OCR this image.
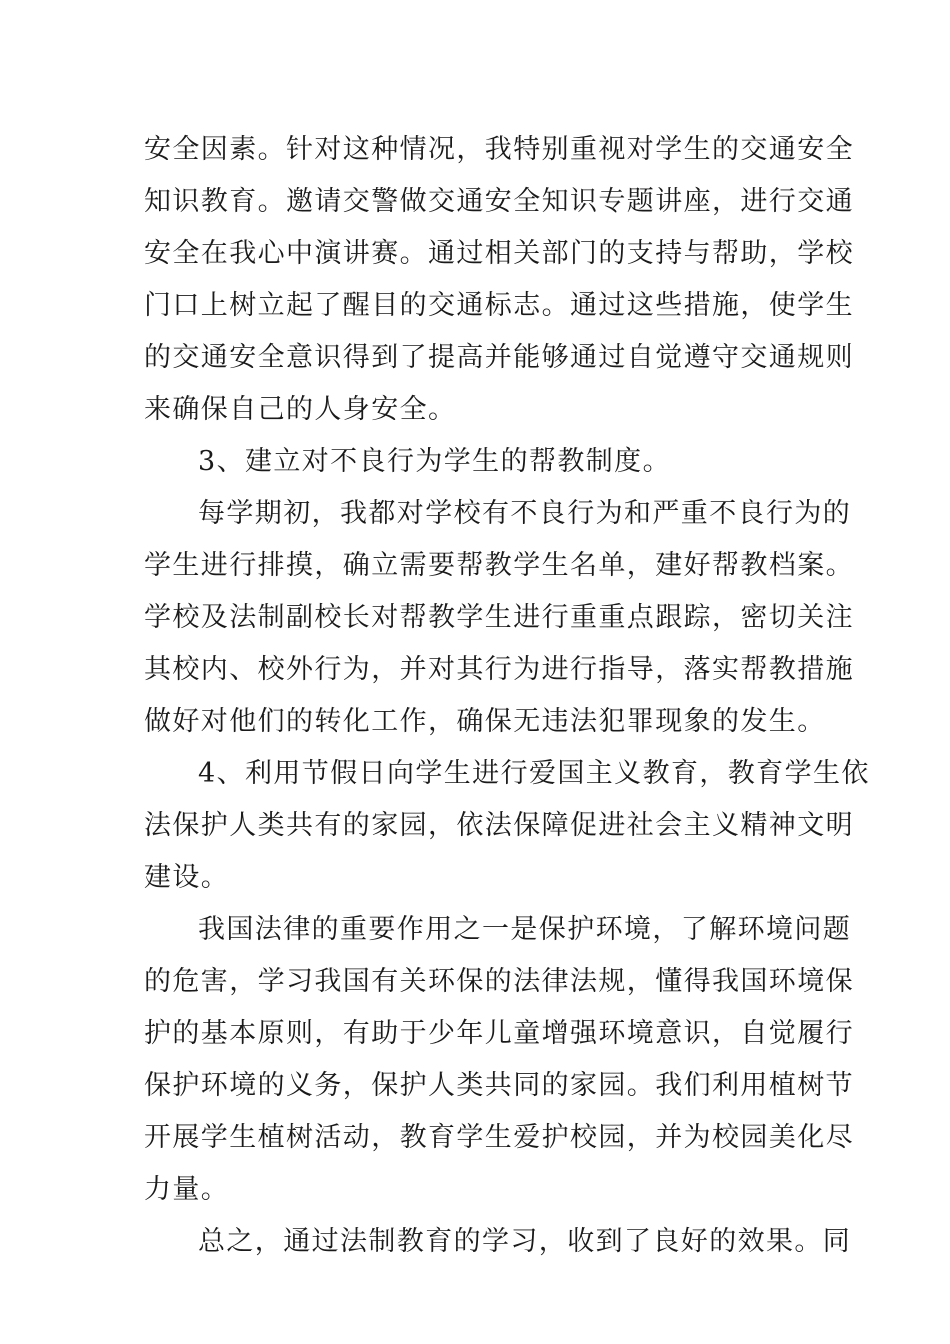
安全因素。针对这种情况，我特别重视对学生的交通安全
知识教育。邀请交警做交通安全知识专题讲座，进行交通
安全在我心中演讲赛。通过相关部门的支持与帮助，学校
门口上树立起了醒目的交通标志。通过这些措施，使学生
的交通安全意识得到了提高并能够通过自觉遵守交通规则
来确保自己的人身安全。
3、建立对不良行为学生的帮教制度。
每学期初，我都对学校有不良行为和严重不良行为的
学生进行排摸，确立需要帮教学生名单，建好帮教档案。
学校及法制副校长对帮教学生进行重重点跟踪，密切关注
其校内、校外行为，并对其行为进行指导，落实帮教措施
做好对他们的转化工作，确保无违法犯罪现象的发生。
4、利用节假日向学生进行爱国主义教育，教育学生依
法保护人类共有的家园，依法保障促进社会主义精神文明
建设。
我国法律的重要作用之一是保护环境，了解环境问题
的危害，学习我国有关环保的法律法规，懂得我国环境保
护的基本原则，有助于少年儿童增强环境意识，自觉履行
保护环境的义务，保护人类共同的家园。我们利用植树节
开展学生植树活动，教育学生爱护校园，并为校园美化尽
力量。
总之，通过法制教育的学习，收到了良好的效果。同
